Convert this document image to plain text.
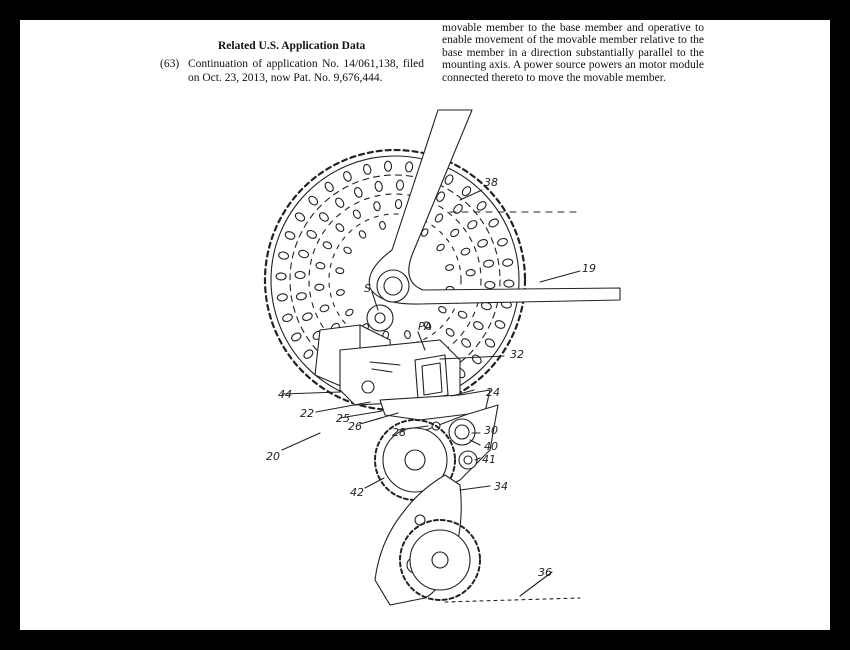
Related U.S. Application Data
(63) Continuation of application No. 14/061,138, filed on Oct. 23, 2013, now Pat. No. 9,676,444.
movable member to the base member and operative to
enable movement of the movable member relative to the
base member in a direction substantially parallel to the
mounting axis. A power source powers an motor module
connected thereto to move the movable member.
38
19
S
PA
32
44	24
22 25
26	28	30
40
41
20
42	34
36
